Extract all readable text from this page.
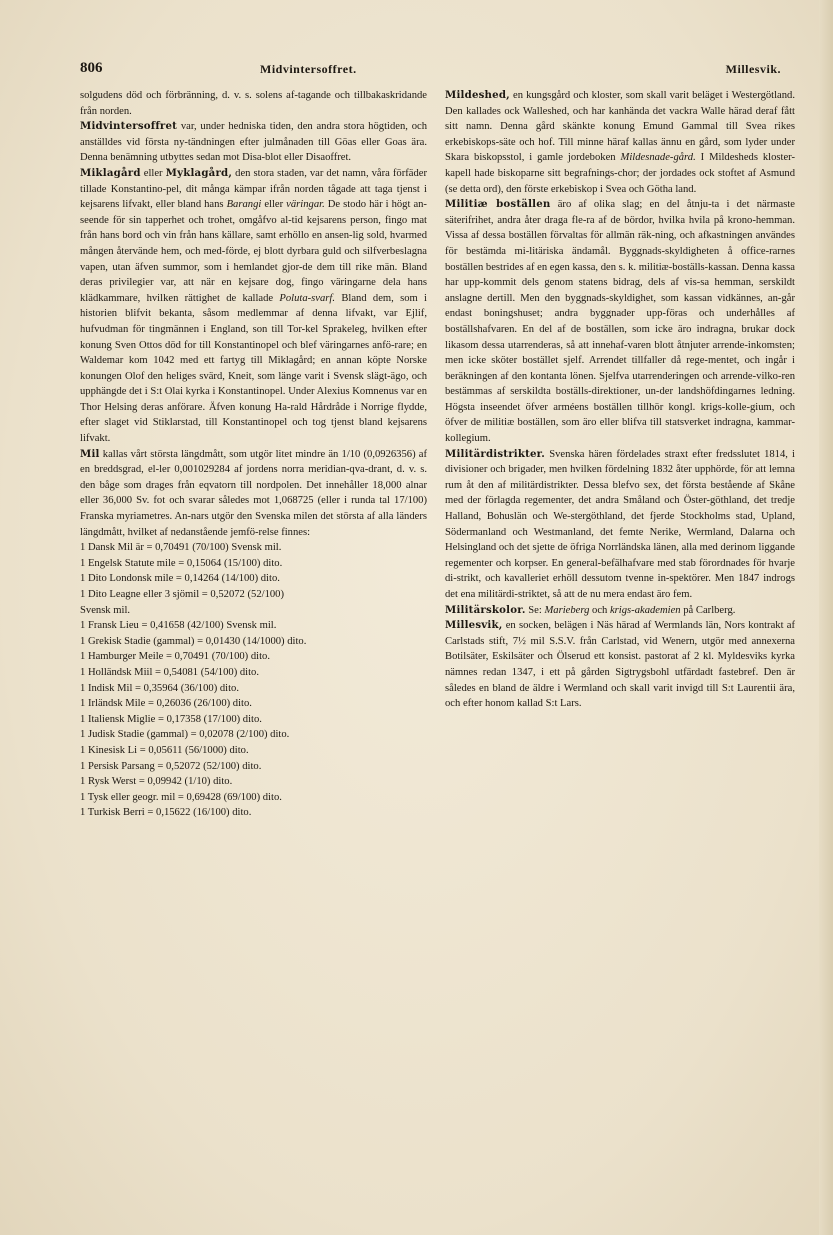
806	Midvintersoffret.	Millesvik.

solgudens död och förbränning, d. v. s. solens af-tagande och tillbakaskridande från norden.

Midvintersoffret var, under hedniska tiden, den andra stora högtiden, och anställdes vid första ny-tändningen efter julmånaden till Göas eller Goas ära. Denna benämning utbyttes sedan mot Disa-blot eller Disaoffret.

Miklagård eller Myklagård, den stora staden, var det namn, våra förfäder tillade Konstantino-pel, dit många kämpar ifrån norden tågade att taga tjenst i kejsarens lifvakt, eller bland hans Barangi eller väringar. De stodo här i högt an-seende för sin tapperhet och trohet, omgåfvo al-tid kejsarens person, fingo mat från hans bord och vin från hans källare, samt erhöllo en ansen-lig sold, hvarmed mången återvände hem, och med-förde, ej blott dyrbara guld och silfverbeslagna vapen, utan äfven summor, som i hemlandet gjor-de dem till rike män. Bland deras privilegier var, att när en kejsare dog, fingo väringarne dela hans klädkammare, hvilken rättighet de kallade Poluta-svarf. Bland dem, som i historien blifvit bekanta, såsom medlemmar af denna lifvakt, var Ejlif, hufvudman för tingmännen i England, son till Tor-kel Sprakeleg, hvilken efter konung Sven Ottos död for till Konstantinopel och blef väringarnes anfö-rare; en Waldemar kom 1042 med ett fartyg till Miklagård; en annan köpte Norske konungen Olof den heliges svärd, Kneit, som länge varit i Svensk slägt-ägo, och upphängde det i S:t Olai kyrka i Konstantinopel. Under Alexius Komnenus var en Thor Helsing deras anförare. Äfven konung Ha-rald Hårdråde i Norrige flydde, efter slaget vid Stiklarstad, till Konstantinopel och tog tjenst bland kejsarens lifvakt.

Mil kallas vårt största längdmått, som utgör litet mindre än 1/10 (0,0926356) af en breddsgrad, el-ler 0,001029284 af jordens norra meridian-qva-drant, d. v. s. den båge som drages från eqvatorn till nordpolen. Det innehåller 18,000 alnar eller 36,000 Sv. fot och svarar således mot 1,068725 (eller i runda tal 17/100) Franska myriametres. An-nars utgör den Svenska milen det största af alla länders längdmått, hvilket af nedanstående jemfö-relse finnes:

1 Dansk Mil är = 0,70491 (70/100) Svensk mil.
1 Engelsk Statute mile = 0,15064 (15/100) dito.
1 Dito Londonsk mile = 0,14264 (14/100) dito.
1 Dito Leagne eller 3 sjömil = 0,52072 (52/100)
Svensk mil.
1 Fransk Lieu = 0,41658 (42/100) Svensk mil.
1 Grekisk Stadie (gammal) = 0,01430 (14/1000) dito.
1 Hamburger Meile = 0,70491 (70/100) dito.
1 Holländsk Miil = 0,54081 (54/100) dito.
1 Indisk Mil = 0,35964 (36/100) dito.
1 Irländsk Mile = 0,26036 (26/100) dito.
1 Italiensk Miglie = 0,17358 (17/100) dito.
1 Judisk Stadie (gammal) = 0,02078 (2/100) dito.
1 Kinesisk Li = 0,05611 (56/1000) dito.
1 Persisk Parsang = 0,52072 (52/100) dito.
1 Rysk Werst = 0,09942 (1/10) dito.
1 Tysk eller geogr. mil = 0,69428 (69/100) dito.
1 Turkisk Berri = 0,15622 (16/100) dito.

Mildeshed, en kungsgård och kloster, som skall varit beläget i Westergötland. Den kallades ock Walleshed, och har kanhända det vackra Walle härad deraf fått sitt namn. Denna gård skänkte konung Emund Gammal till Svea rikes erkebiskops-säte och hof. Till minne häraf kallas ännu en gård, som lyder under Skara biskopsstol, i gamle jordeboken Mildesnade-gård. I Mildesheds kloster-kapell hade biskoparne sitt begrafnings-chor; der jordades ock stoftet af Asmund (se detta ord), den förste erkebiskop i Svea och Götha land.

Militiæ boställen äro af olika slag; en del åtnju-ta i det närmaste säterifrihet, andra åter draga fle-ra af de bördor, hvilka hvila på krono-hemman. Vissa af dessa boställen förvaltas för allmän räk-ning, och afkastningen användes för bestämda mi-litäriska ändamål. Byggnads-skyldigheten å office-rarnes boställen bestrides af en egen kassa, den s. k. militiæ-boställs-kassan. Denna kassa har upp-kommit dels genom statens bidrag, dels af vis-sa hemman, serskildt anslagne dertill. Men den byggnads-skyldighet, som kassan vidkännes, an-går endast boningshuset; andra byggnader upp-föras och underhålles af boställshafvaren. En del af de boställen, som icke äro indragna, brukar dock likasom dessa utarrenderas, så att innehaf-varen blott åtnjuter arrende-inkomsten; men icke sköter bostället sjelf. Arrendet tillfaller då rege-mentet, och ingår i beräkningen af den kontanta lönen. Sjelfva utarrenderingen och arrende-vilko-ren bestämmas af serskildta boställs-direktioner, un-der landshöfdingarnes ledning. Högsta inseendet öfver arméens boställen tillhör kongl. krigs-kolle-gium, och öfver de militiæ boställen, som äro eller blifva till statsverket indragna, kammar-kollegium.

Militärdistrikter. Svenska hären fördelades straxt efter fredsslutet 1814, i divisioner och brigader, men hvilken fördelning 1832 åter upphörde, för att lemna rum åt den af militärdistrikter. Dessa blefvo sex, det första bestående af Skåne med der förlagda regementer, det andra Småland och Öster-göthland, det tredje Halland, Bohuslän och We-stergöthland, det fjerde Stockholms stad, Upland, Södermanland och Westmanland, det femte Nerike, Wermland, Dalarna och Helsingland och det sjette de öfriga Norrländska länen, alla med derinom liggande regementer och korpser. En general-befälhafvare med stab förordnades för hvarje di-strikt, och kavalleriet erhöll dessutom tvenne in-spektörer. Men 1847 indrogs det ena militärdi-striktet, så att de nu mera endast äro fem.

Militärskolor. Se: Marieberg och krigs-akademien på Carlberg.

Millesvik, en socken, belägen i Näs härad af Wermlands län, Nors kontrakt af Carlstads stift, 7½ mil S.S.V. från Carlstad, vid Wenern, utgör med annexerna Botilsäter, Eskilsäter och Ölserud ett konsist. pastorat af 2 kl. Myldesviks kyrka nämnes redan 1347, i ett på gården Sigtrygsbohl utfärdadt fastebref. Den är således en bland de äldre i Wermland och skall varit invigd till S:t Laurentii ära, och efter honom kallad S:t Lars.
